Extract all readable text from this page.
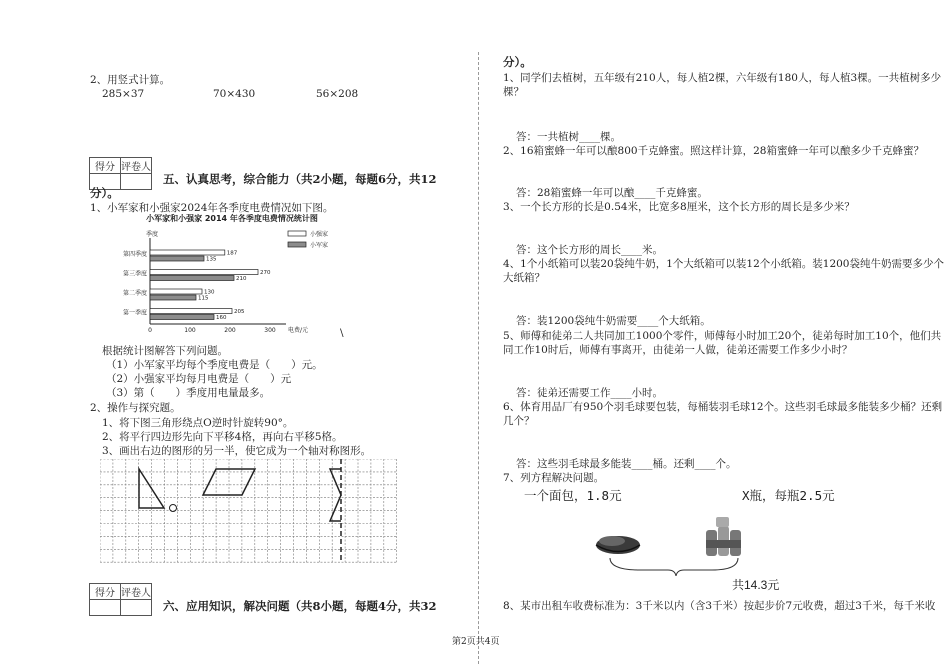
2、用竖式计算。
285×37	70×430	56×208
得分	评卷人

五、认真思考，综合能力（共2小题，每题6分，共12
分）。
1、小军家和小强家2024年各季度电费情况如下图。
小军家和小强家 2014 年各季度电费情况统计图
季度
0	100	200	300 电费/元
小强家
小军家
第四季度	187
135
第三季度	270
210
第二季度	130
115
第一季度	205
160
\
根据统计图解答下列问题。
（1）小军家平均每个季度电费是（　　）元。
（2）小强家平均每月电费是（　　）元
（3）第（　　）季度用电量最多。
2、操作与探究题。
1、将下图三角形绕点O逆时针旋转90°。
2、将平行四边形先向下平移4格，再向右平移5格。
3、画出右边的图形的另一半，使它成为一个轴对称图形。
得分	评卷人

六、应用知识，解决问题（共8小题，每题4分，共32
分）。
1、同学们去植树，五年级有210人，每人植2棵，六年级有180人，每人植3棵。一共植树多少
棵？
答：一共植树____棵。
2、16箱蜜蜂一年可以酿800千克蜂蜜。照这样计算，28箱蜜蜂一年可以酿多少千克蜂蜜？
答：28箱蜜蜂一年可以酿____千克蜂蜜。
3、一个长方形的长是0.54米，比宽多8厘米，这个长方形的周长是多少米？
答：这个长方形的周长____米。
4、1个小纸箱可以装20袋纯牛奶，1个大纸箱可以装12个小纸箱。装1200袋纯牛奶需要多少个
大纸箱？
答：装1200袋纯牛奶需要____个大纸箱。
5、师傅和徒弟二人共同加工1000个零件，师傅每小时加工20个，徒弟每时加工10个，他们共
同工作10时后，师傅有事离开，由徒弟一人做，徒弟还需要工作多少小时？
答：徒弟还需要工作____小时。
6、体育用品厂有950个羽毛球要包装，每桶装羽毛球12个。这些羽毛球最多能装多少桶？还剩
几个？
答：这些羽毛球最多能装____桶。还剩____个。
7、列方程解决问题。
一个面包，1.8元	X瓶，每瓶2.5元
共14.3元
8、某市出租车收费标准为：3千米以内（含3千米）按起步价7元收费，超过3千米，每千米收
第2页共4页
